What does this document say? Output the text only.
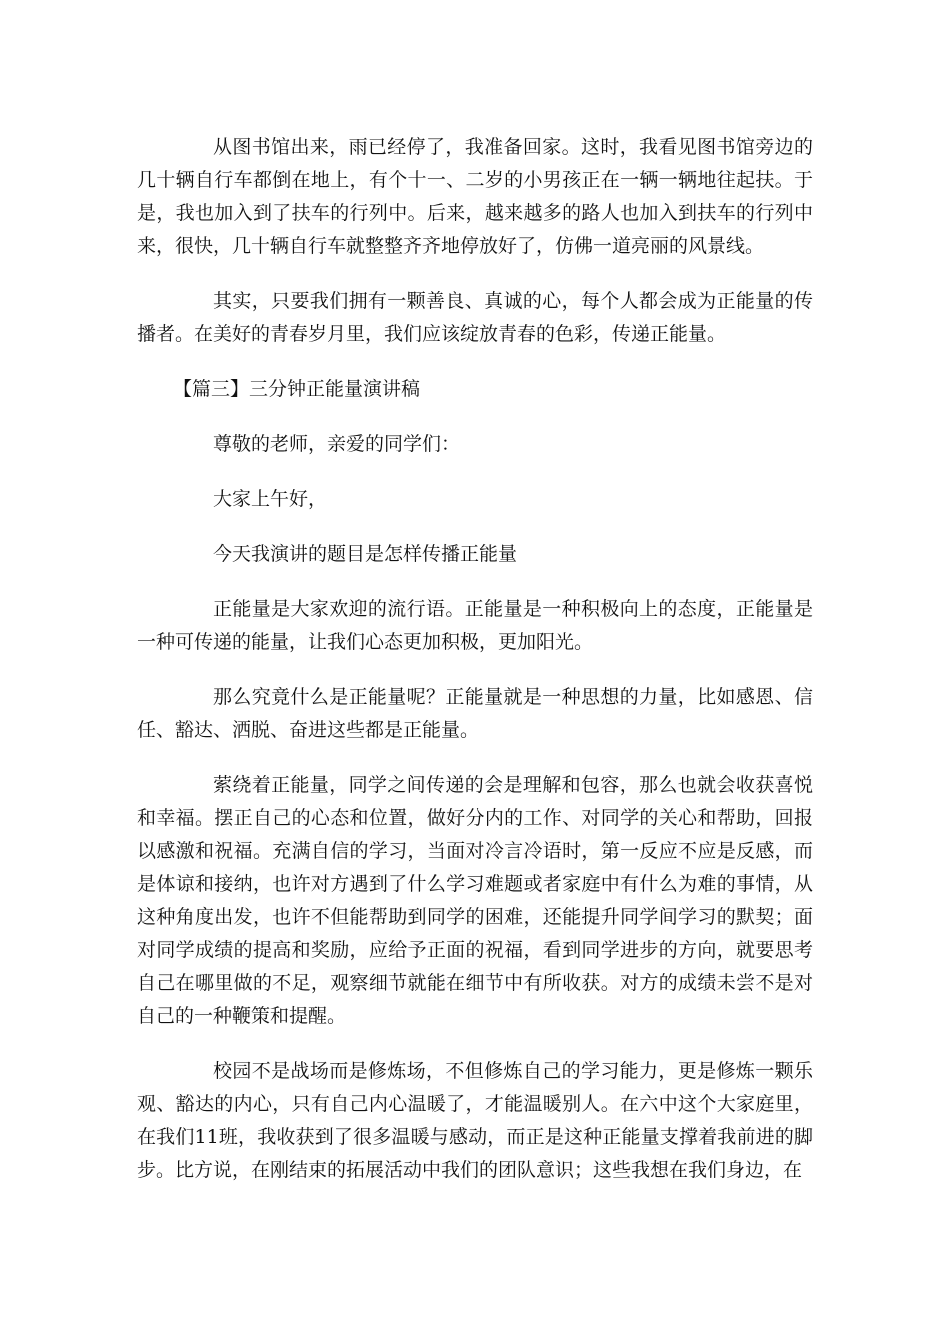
从图书馆出来，雨已经停了，我准备回家。这时，我看见图书馆旁边的几十辆自行车都倒在地上，有个十一、二岁的小男孩正在一辆一辆地往起扶。于是，我也加入到了扶车的行列中。后来，越来越多的路人也加入到扶车的行列中来，很快，几十辆自行车就整整齐齐地停放好了，仿佛一道亮丽的风景线。

其实，只要我们拥有一颗善良、真诚的心，每个人都会成为正能量的传播者。在美好的青春岁月里，我们应该绽放青春的色彩，传递正能量。

【篇三】三分钟正能量演讲稿

尊敬的老师，亲爱的同学们：

大家上午好，

今天我演讲的题目是怎样传播正能量

正能量是大家欢迎的流行语。正能量是一种积极向上的态度，正能量是一种可传递的能量，让我们心态更加积极，更加阳光。

那么究竟什么是正能量呢？正能量就是一种思想的力量，比如感恩、信任、豁达、洒脱、奋进这些都是正能量。

萦绕着正能量，同学之间传递的会是理解和包容，那么也就会收获喜悦和幸福。摆正自己的心态和位置，做好分内的工作、对同学的关心和帮助，回报以感激和祝福。充满自信的学习，当面对冷言冷语时，第一反应不应是反感，而是体谅和接纳，也许对方遇到了什么学习难题或者家庭中有什么为难的事情，从这种角度出发，也许不但能帮助到同学的困难，还能提升同学间学习的默契；面对同学成绩的提高和奖励，应给予正面的祝福，看到同学进步的方向，就要思考自己在哪里做的不足，观察细节就能在细节中有所收获。对方的成绩未尝不是对自己的一种鞭策和提醒。

校园不是战场而是修炼场，不但修炼自己的学习能力，更是修炼一颗乐观、豁达的内心，只有自己内心温暖了，才能温暖别人。在六中这个大家庭里，在我们11班，我收获到了很多温暖与感动，而正是这种正能量支撑着我前进的脚步。比方说，在刚结束的拓展活动中我们的团队意识；这些我想在我们身边，在
